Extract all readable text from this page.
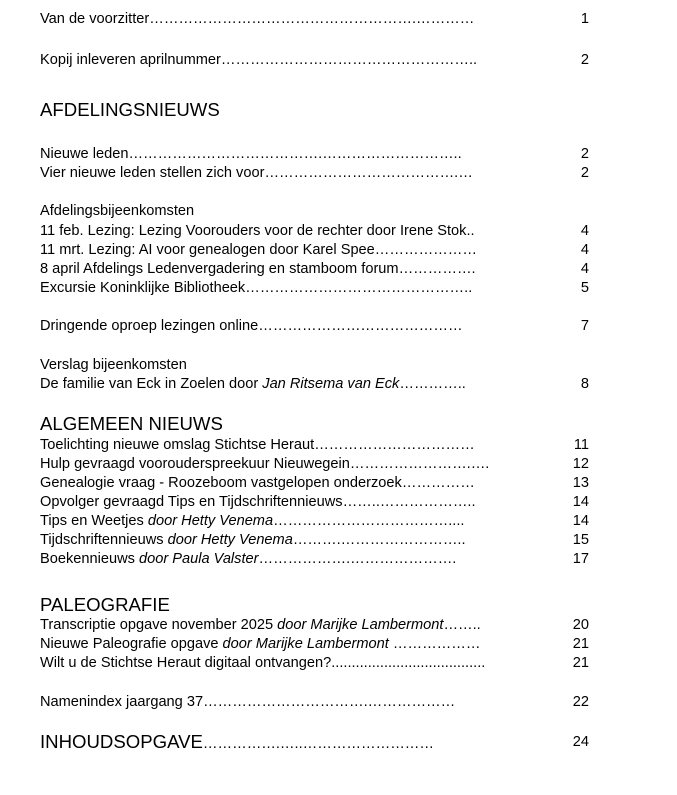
Van de voorzitter……………………………………………….…………	1
Kopij inleveren aprilnummer……………………………………………..	2
AFDELINGSNIEUWS
Nieuwe leden………………………………….………………………..	2
Vier nieuwe leden stellen zich voor………………………………….…	2
Afdelingsbijeenkomsten
11 feb. Lezing: Lezing Voorouders voor de rechter door Irene Stok..	4
11 mrt. Lezing: AI voor genealogen door Karel Spee…………………	4
8 april Afdelings Ledenvergadering en stamboom forum…………….	4
Excursie Koninklijke Bibliotheek………………………………………..	5
Dringende oproep lezingen online……………………………………	7
Verslag bijeenkomsten
De familie van Eck in Zoelen door Jan Ritsema van Eck…………..	8
ALGEMEEN NIEUWS
Toelichting nieuwe omslag Stichtse Heraut……………………………	11
Hulp gevraagd voorouderspreekuur Nieuwegein…………………….….	12
Genealogie vraag - Roozeboom vastgelopen onderzoek……………	13
Opvolger gevraagd Tips en Tijdschriftennieuws……..………………..	14
Tips en Weetjes door Hetty Venema………………………………....	14
Tijdschriftennieuws door Hetty Venema……….……………………..	15
Boekennieuws door Paula Valster……………….………………….	17
PALEOGRAFIE
Transcriptie opgave november 2025 door Marijke Lambermont……..	20
Nieuwe Paleografie opgave door Marijke Lambermont ………………	21
Wilt u de Stichtse Heraut digitaal ontvangen?......................................	21
Namenindex jaargang 37…………………………….………………	22
INHOUDSOPGAVE…………….…..………………………	24
